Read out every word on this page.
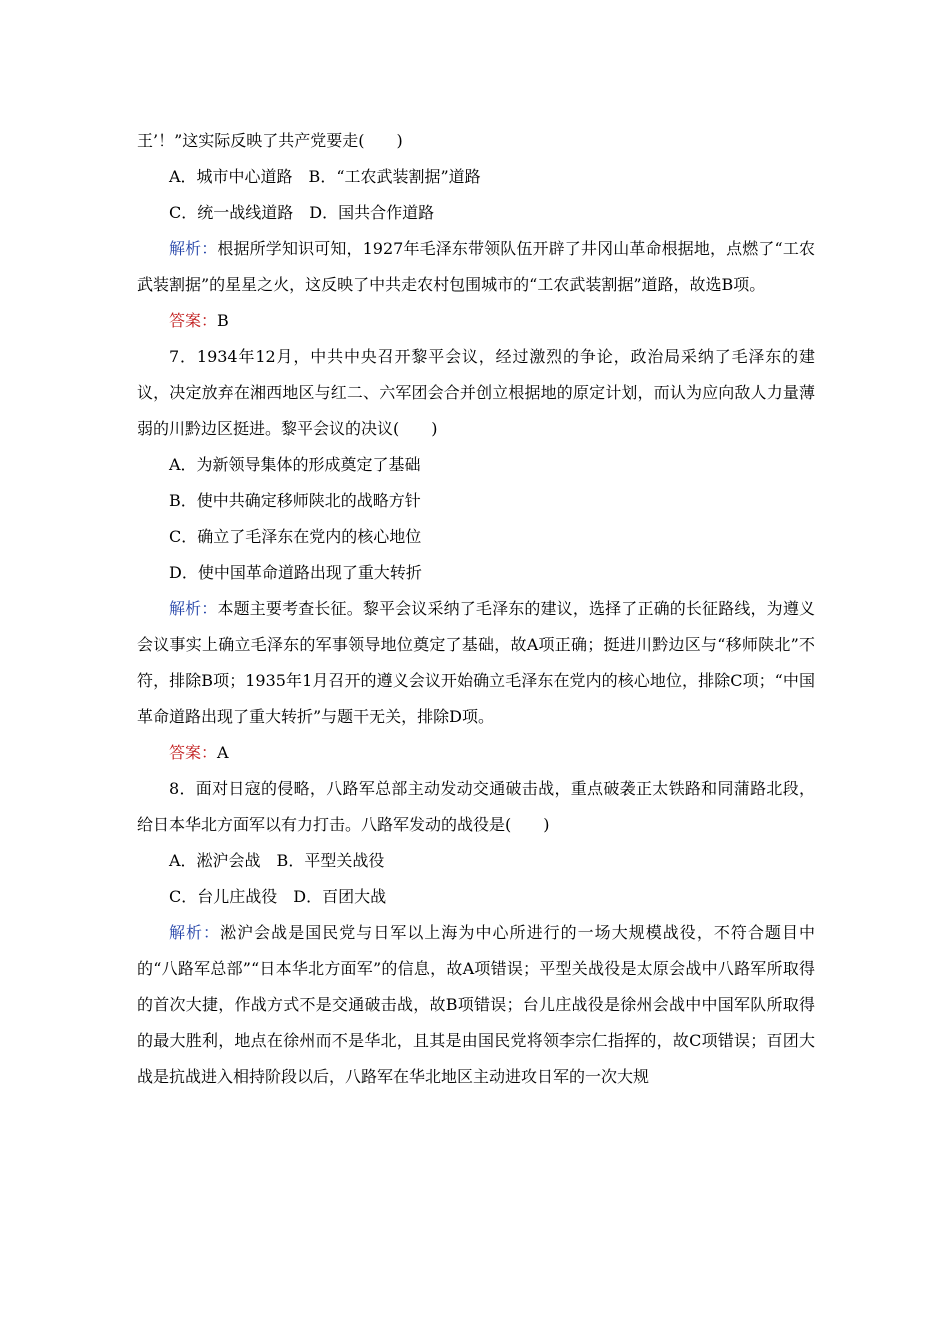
王’！”这实际反映了共产党要走(　　)
A．城市中心道路　B．“工农武装割据”道路
C．统一战线道路　D．国共合作道路
解析：根据所学知识可知，1927年毛泽东带领队伍开辟了井冈山革命根据地，点燃了“工农武装割据”的星星之火，这反映了中共走农村包围城市的“工农武装割据”道路，故选B项。
答案：B
7．1934年12月，中共中央召开黎平会议，经过激烈的争论，政治局采纳了毛泽东的建议，决定放弃在湘西地区与红二、六军团会合并创立根据地的原定计划，而认为应向敌人力量薄弱的川黔边区挺进。黎平会议的决议(　　)
A．为新领导集体的形成奠定了基础
B．使中共确定移师陕北的战略方针
C．确立了毛泽东在党内的核心地位
D．使中国革命道路出现了重大转折
解析：本题主要考查长征。黎平会议采纳了毛泽东的建议，选择了正确的长征路线，为遵义会议事实上确立毛泽东的军事领导地位奠定了基础，故A项正确；挺进川黔边区与“移师陕北”不符，排除B项；1935年1月召开的遵义会议开始确立毛泽东在党内的核心地位，排除C项；“中国革命道路出现了重大转折”与题干无关，排除D项。
答案：A
8．面对日寇的侵略，八路军总部主动发动交通破击战，重点破袭正太铁路和同蒲路北段，给日本华北方面军以有力打击。八路军发动的战役是(　　)
A．淞沪会战　B．平型关战役
C．台儿庄战役　D．百团大战
解析：淞沪会战是国民党与日军以上海为中心所进行的一场大规模战役，不符合题目中的“八路军总部”“日本华北方面军”的信息，故A项错误；平型关战役是太原会战中八路军所取得的首次大捷，作战方式不是交通破击战，故B项错误；台儿庄战役是徐州会战中中国军队所取得的最大胜利，地点在徐州而不是华北，且其是由国民党将领李宗仁指挥的，故C项错误；百团大战是抗战进入相持阶段以后，八路军在华北地区主动进攻日军的一次大规
